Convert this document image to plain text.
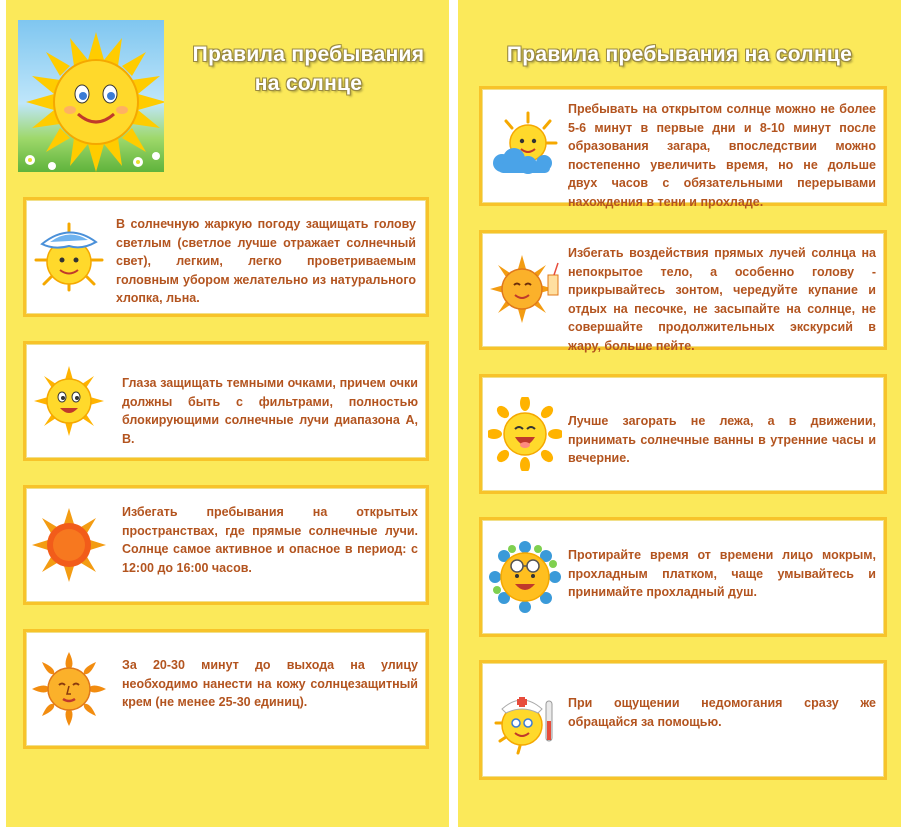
Правила пребывания
на солнце
В солнечную жаркую погоду защищать голову светлым (светлое лучше отражает солнечный свет), легким, легко проветриваемым головным убором желательно из натурального хлопка, льна.
Глаза защищать темными очками, причем очки должны быть с фильтрами, полностью блокирующими солнечные лучи диапазона А, В.
Избегать пребывания на открытых пространствах, где прямые солнечные лучи. Солнце самое активное и опасное в период: с 12:00 до 16:00 часов.
За 20-30 минут до выхода на улицу необходимо нанести на кожу солнцезащитный крем (не менее 25-30 единиц).
Правила пребывания на солнце
Пребывать на открытом солнце можно не более 5-6 минут в первые дни и 8-10 минут после образования загара, впоследствии можно постепенно увеличить время, но не дольше двух часов с обязательными перерывами нахождения в тени и прохладе.
Избегать воздействия прямых лучей солнца на непокрытое тело, а особенно голову - прикрывайтесь зонтом, чередуйте купание и отдых на песочке, не засыпайте на солнце, не совершайте продолжительных экскурсий в жару, больше пейте.
Лучше загорать не лежа, а в движении, принимать солнечные ванны в утренние часы и вечерние.
Протирайте время от времени лицо мокрым, прохладным платком, чаще умывайтесь и принимайте прохладный душ.
При ощущении недомогания сразу же обращайся за помощью.
